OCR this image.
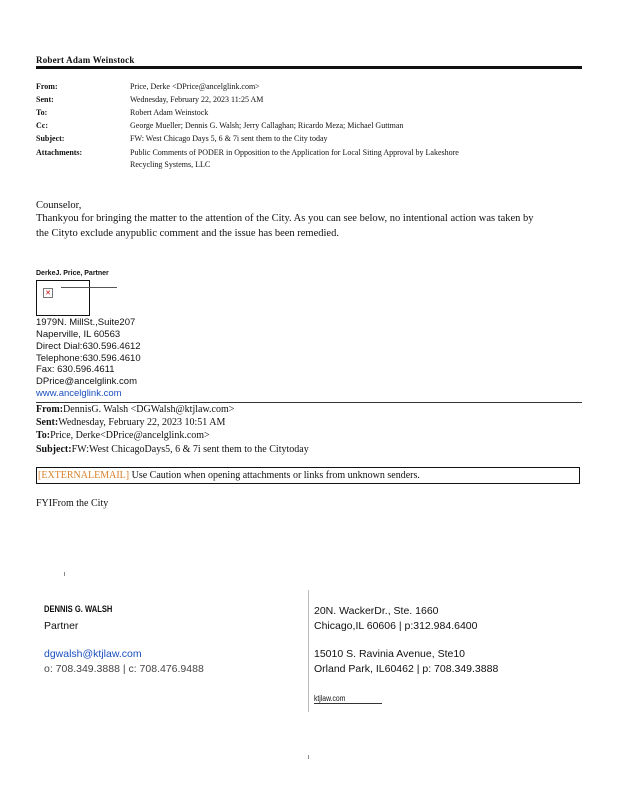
Robert Adam Weinstock
From:	Price, Derke <DPrice@ancelglink.com>
Sent:	Wednesday, February 22, 2023 11:25 AM
To:	Robert Adam Weinstock
Cc:	George Mueller; Dennis G. Walsh; Jerry Callaghan; Ricardo Meza; Michael Guttman
Subject:	FW: West Chicago Days 5, 6 & 7i sent them to the City today
Attachments:	Public Comments of PODER in Opposition to the Application for Local Siting Approval by Lakeshore
Recycling Systems, LLC
Counselor,
Thankyou for bringing the matter to the attention of the City. As you can see below, no intentional action was taken by
the Cityto exclude anypublic comment and the issue has been remedied.
DerkeJ. Price, Partner
✕
1979N. MillSt.,Suite207
Naperville, IL 60563
Direct Dial:630.596.4612
Telephone:630.596.4610
Fax: 630.596.4611
DPrice@ancelglink.com
www.ancelglink.com
From:DennisG. Walsh <DGWalsh@ktjlaw.com>
Sent:Wednesday, February 22, 2023 10:51 AM
To:Price, Derke<DPrice@ancelglink.com>
Subject:FW:West ChicagoDays5, 6 & 7i sent them to the Citytoday
[EXTERNALEMAIL] Use Caution when opening attachments or links from unknown senders.
FYIFrom the City
DENNIS G. WALSH
Partner
dgwalsh@ktjlaw.com
o: 708.349.3888 | c: 708.476.9488
20N. WackerDr., Ste. 1660
Chicago,IL 60606 | p:312.984.6400
15010 S. Ravinia Avenue, Ste10
Orland Park, IL60462 | p: 708.349.3888
ktjlaw.com
